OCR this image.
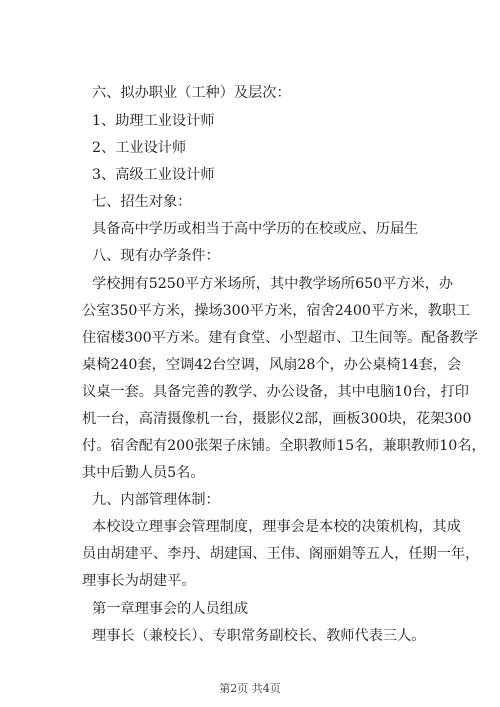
第2页 共4页

六、拟办职业（工种）及层次：

1、助理工业设计师

2、工业设计师

3、高级工业设计师

七、招生对象：

具备高中学历或相当于高中学历的在校或应、历届生

八、现有办学条件：

学校拥有5250平方米场所，其中教学场所650平方米，办

公室350平方米，操场300平方米，宿舍2400平方米，教职工

住宿楼300平方米。建有食堂、小型超市、卫生间等。配备教学

桌椅240套，空调42台空调，风扇28个，办公桌椅14套，会

议桌一套。具备完善的教学、办公设备，其中电脑10台，打印

机一台，高清摄像机一台，摄影仪2部，画板300块，花架300

付。宿舍配有200张架子床铺。全职教师15名，兼职教师10名，

其中后勤人员5名。

九、内部管理体制：

本校设立理事会管理制度，理事会是本校的决策机构，其成

员由胡建平、李丹、胡建国、王伟、阁丽娟等五人，任期一年，

理事长为胡建平。

第一章理事会的人员组成

理事长（兼校长）、专职常务副校长、教师代表三人。
